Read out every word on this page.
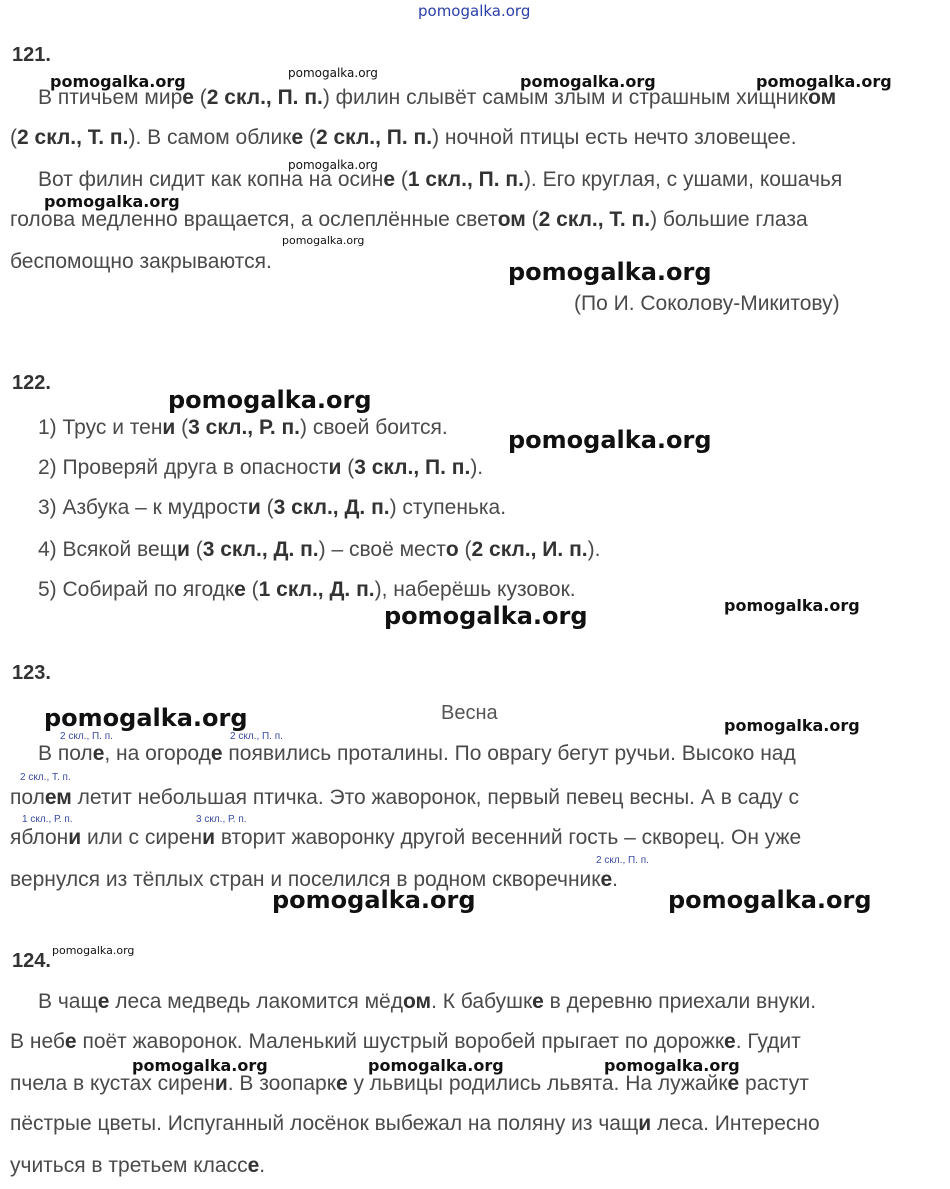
pomogalka.org
121.
В птичьем мире (2 скл., П. п.) филин слывёт самым злым и страшным хищником
(2 скл., Т. п.). В самом облике (2 скл., П. п.) ночной птицы есть нечто зловещее.
Вот филин сидит как копна на осине (1 скл., П. п.). Его круглая, с ушами, кошачья
голова медленно вращается, а ослеплённые светом (2 скл., Т. п.) большие глаза
беспомощно закрываются.
(По И. Соколову-Микитову)
pomogalka.org	pomogalka.org	pomogalka.org	pomogalka.org
pomogalka.org
pomogalka.org
pomogalka.org
pomogalka.org
122.
1) Трус и тени (3 скл., Р. п.) своей боится.
2) Проверяй друга в опасности (3 скл., П. п.).
3) Азбука – к мудрости (3 скл., Д. п.) ступенька.
4) Всякой вещи (3 скл., Д. п.) – своё место (2 скл., И. п.).
5) Собирай по ягодке (1 скл., Д. п.), наберёшь кузовок.
pomogalka.org
pomogalka.org
pomogalka.org
pomogalka.org
123.
Весна
2 скл., П. п.	2 скл., П. п.
В поле, на огороде появились проталины. По оврагу бегут ручьи. Высоко над
2 скл., Т. п.
полем летит небольшая птичка. Это жаворонок, первый певец весны. А в саду с
1 скл., Р. п.	3 скл., Р. п.
яблони или с сирени вторит жаворонку другой весенний гость – скворец. Он уже
2 скл., П. п.
вернулся из тёплых стран и поселился в родном скворечнике.
pomogalka.org	pomogalka.org
pomogalka.org	pomogalka.org
124. pomogalka.org
В чаще леса медведь лакомится мёдом. К бабушке в деревню приехали внуки.
В небе поёт жаворонок. Маленький шустрый воробей прыгает по дорожке. Гудит
пчела в кустах сирени. В зоопарке у львицы родились львята. На лужайке растут
пёстрые цветы. Испуганный лосёнок выбежал на поляну из чащи леса. Интересно
учиться в третьем классе.
pomogalka.org	pomogalka.org	pomogalka.org
